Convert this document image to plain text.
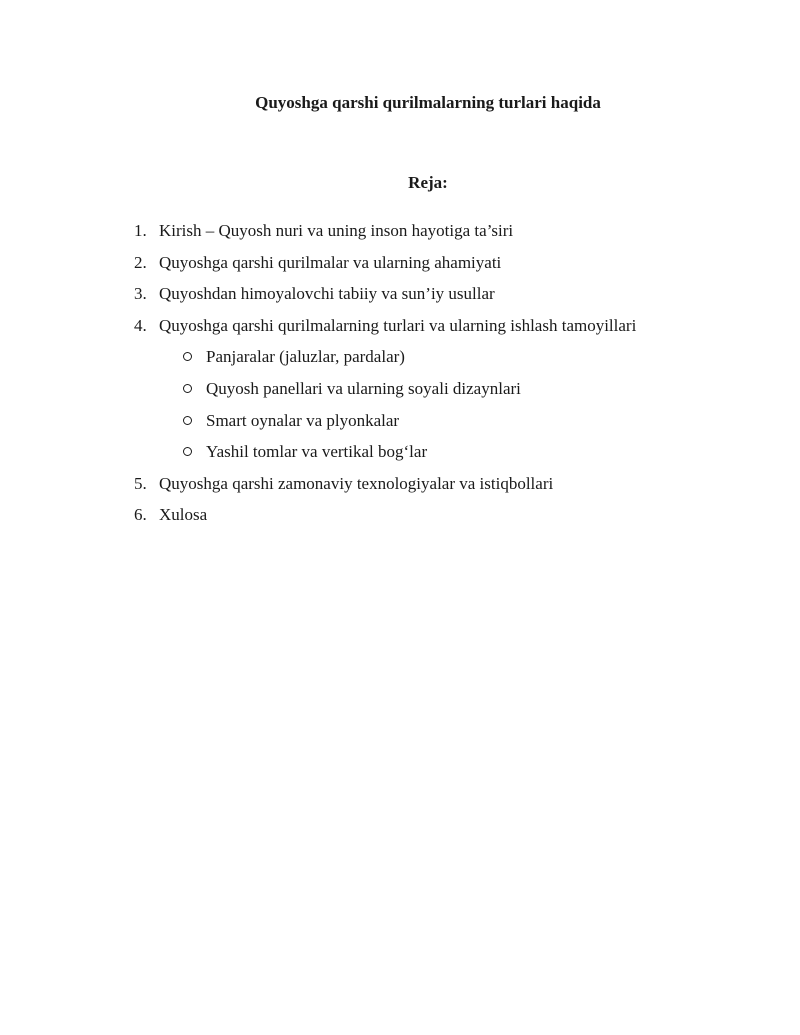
Quyoshga qarshi qurilmalarning turlari haqida
Reja:
1. Kirish – Quyosh nuri va uning inson hayotiga ta’siri
2. Quyoshga qarshi qurilmalar va ularning ahamiyati
3. Quyoshdan himoyalovchi tabiiy va sun’iy usullar
4. Quyoshga qarshi qurilmalarning turlari va ularning ishlash tamoyillari
Panjaralar (jaluzlar, pardalar)
Quyosh panellari va ularning soyali dizaynlari
Smart oynalar va plyonkalar
Yashil tomlar va vertikal bog‘lar
5. Quyoshga qarshi zamonaviy texnologiyalar va istiqbollari
6. Xulosa
